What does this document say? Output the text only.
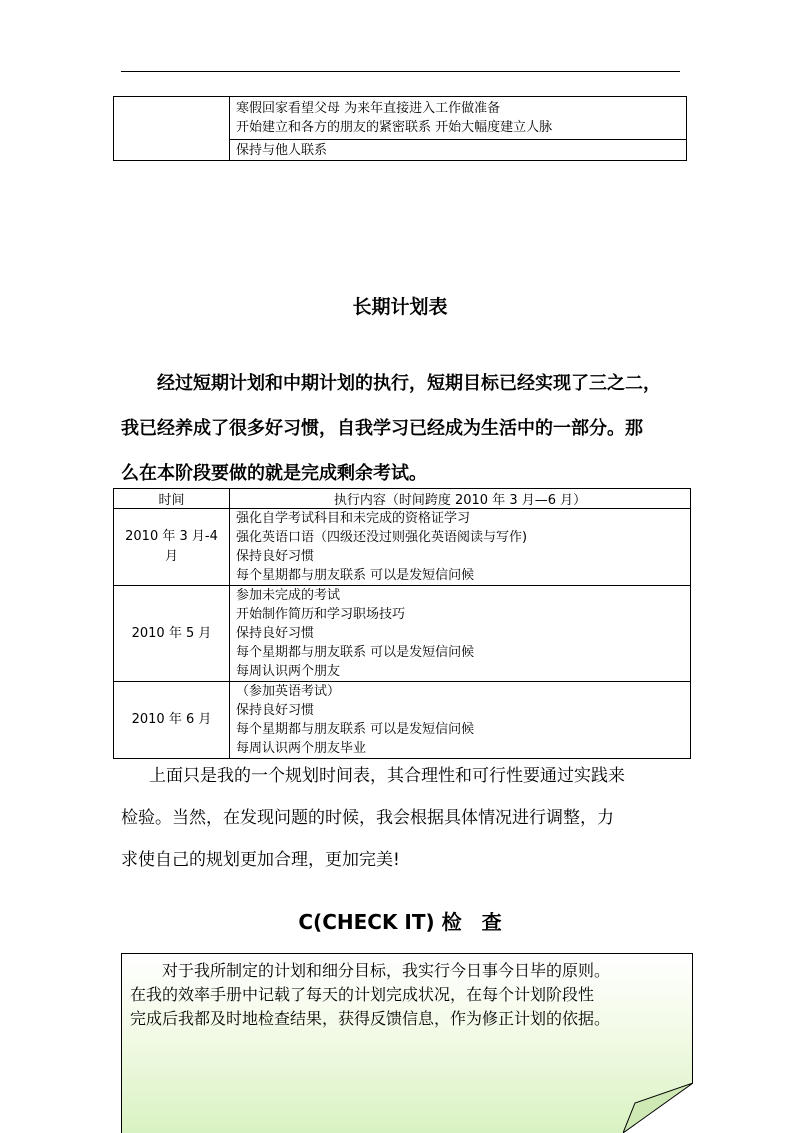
寒假回家看望父母 为来年直接进入工作做准备
开始建立和各方的朋友的紧密联系 开始大幅度建立人脉

保持与他人联系
长期计划表
经过短期计划和中期计划的执行，短期目标已经实现了三之二，
我已经养成了很多好习惯，自我学习已经成为生活中的一部分。那
么在本阶段要做的就是完成剩余考试。
时间	执行内容（时间跨度 2010 年 3 月—6 月）

2010 年 3 月-4 月	强化自学考试科目和未完成的资格证学习
强化英语口语（四级还没过则强化英语阅读与写作)
保持良好习惯
每个星期都与朋友联系 可以是发短信问候

2010 年 5 月	参加未完成的考试
开始制作简历和学习职场技巧
保持良好习惯
每个星期都与朋友联系 可以是发短信问候
每周认识两个朋友

2010 年 6 月	（参加英语考试）
保持良好习惯
每个星期都与朋友联系 可以是发短信问候
每周认识两个朋友毕业
上面只是我的一个规划时间表，其合理性和可行性要通过实践来
检验。当然，在发现问题的时候，我会根据具体情况进行调整，力
求使自己的规划更加合理，更加完美!
C(CHECK IT) 检　查
对于我所制定的计划和细分目标，我实行今日事今日毕的原则。
在我的效率手册中记载了每天的计划完成状况，在每个计划阶段性
完成后我都及时地检查结果，获得反馈信息，作为修正计划的依据。
